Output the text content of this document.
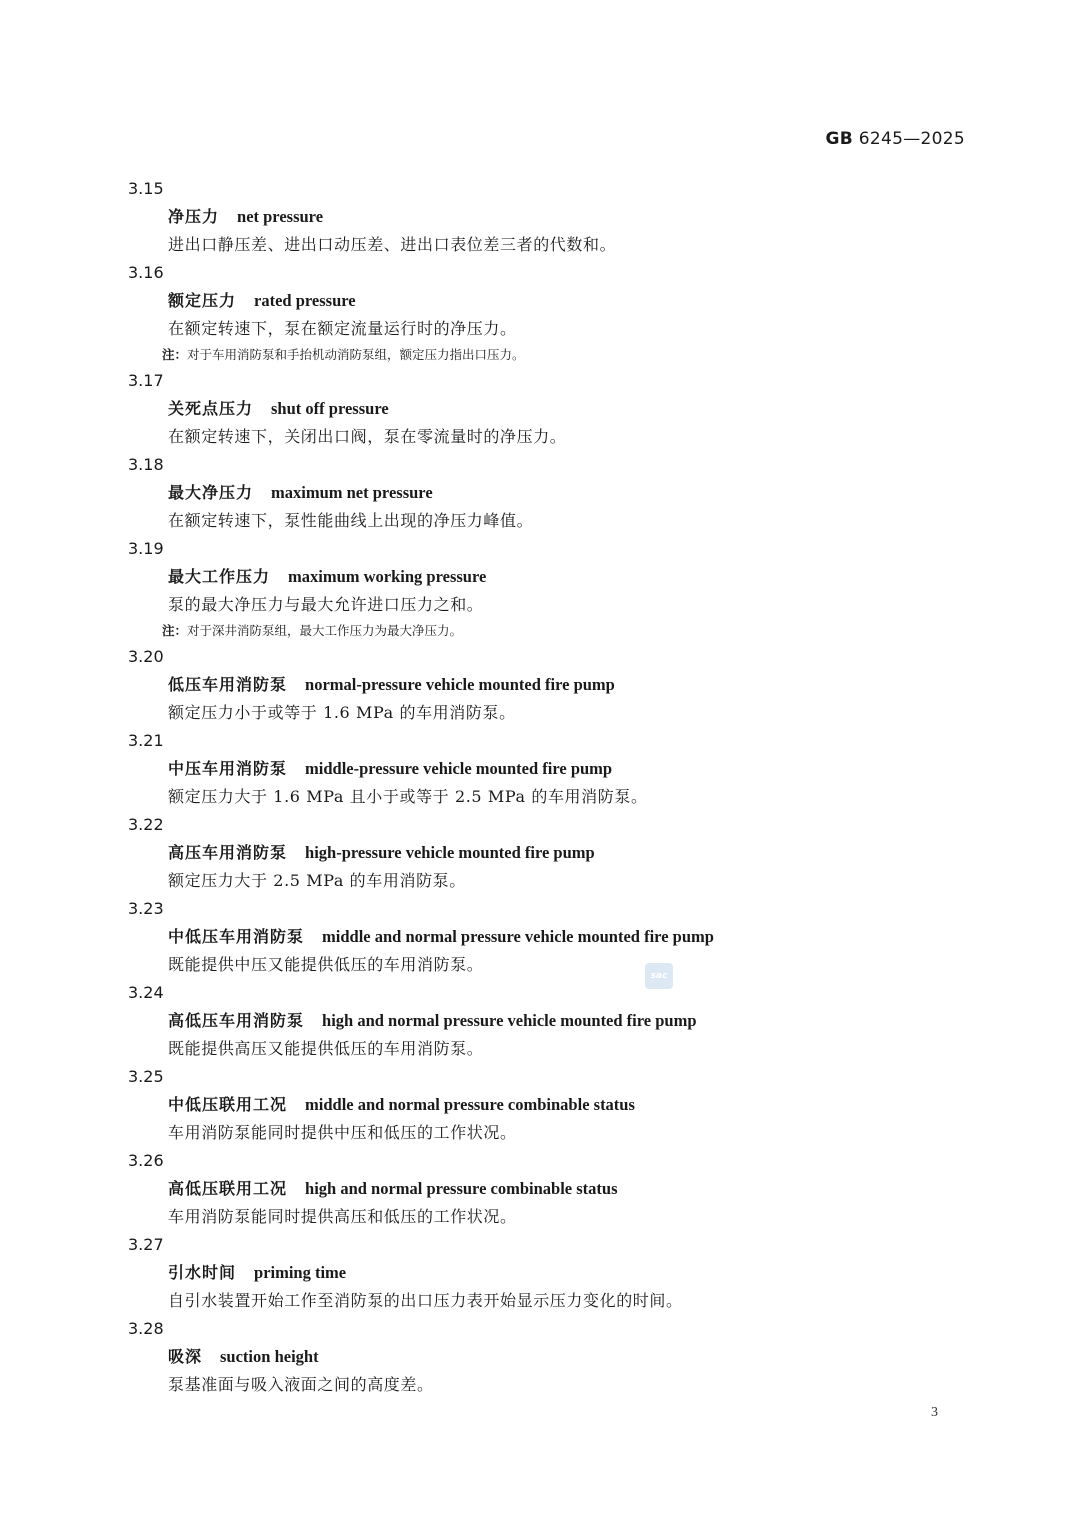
GB 6245—2025
3.15
净压力 net pressure
进出口静压差、进出口动压差、进出口表位差三者的代数和。
3.16
额定压力 rated pressure
在额定转速下，泵在额定流量运行时的净压力。
注：对于车用消防泵和手抬机动消防泵组，额定压力指出口压力。
3.17
关死点压力 shut off pressure
在额定转速下，关闭出口阀，泵在零流量时的净压力。
3.18
最大净压力 maximum net pressure
在额定转速下，泵性能曲线上出现的净压力峰值。
3.19
最大工作压力 maximum working pressure
泵的最大净压力与最大允许进口压力之和。
注：对于深井消防泵组，最大工作压力为最大净压力。
3.20
低压车用消防泵 normal-pressure vehicle mounted fire pump
额定压力小于或等于 1.6 MPa 的车用消防泵。
3.21
中压车用消防泵 middle-pressure vehicle mounted fire pump
额定压力大于 1.6 MPa 且小于或等于 2.5 MPa 的车用消防泵。
3.22
高压车用消防泵 high-pressure vehicle mounted fire pump
额定压力大于 2.5 MPa 的车用消防泵。
3.23
中低压车用消防泵 middle and normal pressure vehicle mounted fire pump
既能提供中压又能提供低压的车用消防泵。
3.24
高低压车用消防泵 high and normal pressure vehicle mounted fire pump
既能提供高压又能提供低压的车用消防泵。
3.25
中低压联用工况 middle and normal pressure combinable status
车用消防泵能同时提供中压和低压的工作状况。
3.26
高低压联用工况 high and normal pressure combinable status
车用消防泵能同时提供高压和低压的工作状况。
3.27
引水时间 priming time
自引水装置开始工作至消防泵的出口压力表开始显示压力变化的时间。
3.28
吸深 suction height
泵基准面与吸入液面之间的高度差。
sac
3
